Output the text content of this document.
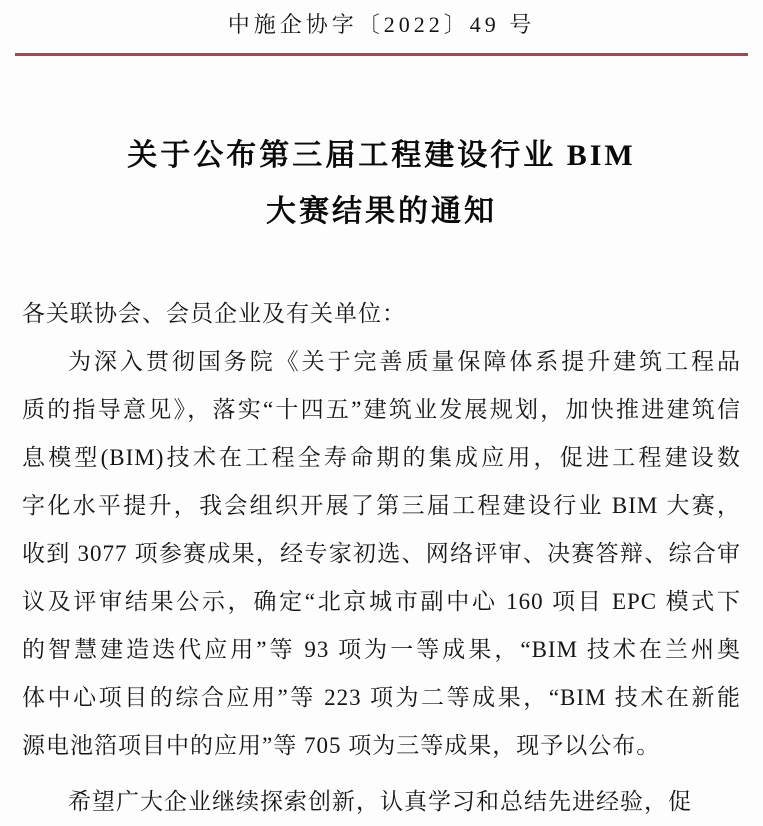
中施企协字〔2022〕49 号
关于公布第三届工程建设行业 BIM
大赛结果的通知
各关联协会、会员企业及有关单位：
为深入贯彻国务院《关于完善质量保障体系提升建筑工程品
质的指导意见》，落实“十四五”建筑业发展规划，加快推进建筑信
息模型(BIM)技术在工程全寿命期的集成应用，促进工程建设数
字化水平提升，我会组织开展了第三届工程建设行业 BIM 大赛，
收到 3077 项参赛成果，经专家初选、网络评审、决赛答辩、综合审
议及评审结果公示，确定“北京城市副中心 160 项目 EPC 模式下
的智慧建造迭代应用”等 93 项为一等成果，“BIM 技术在兰州奥
体中心项目的综合应用”等 223 项为二等成果，“BIM 技术在新能
源电池箔项目中的应用”等 705 项为三等成果，现予以公布。
希望广大企业继续探索创新，认真学习和总结先进经验，促
